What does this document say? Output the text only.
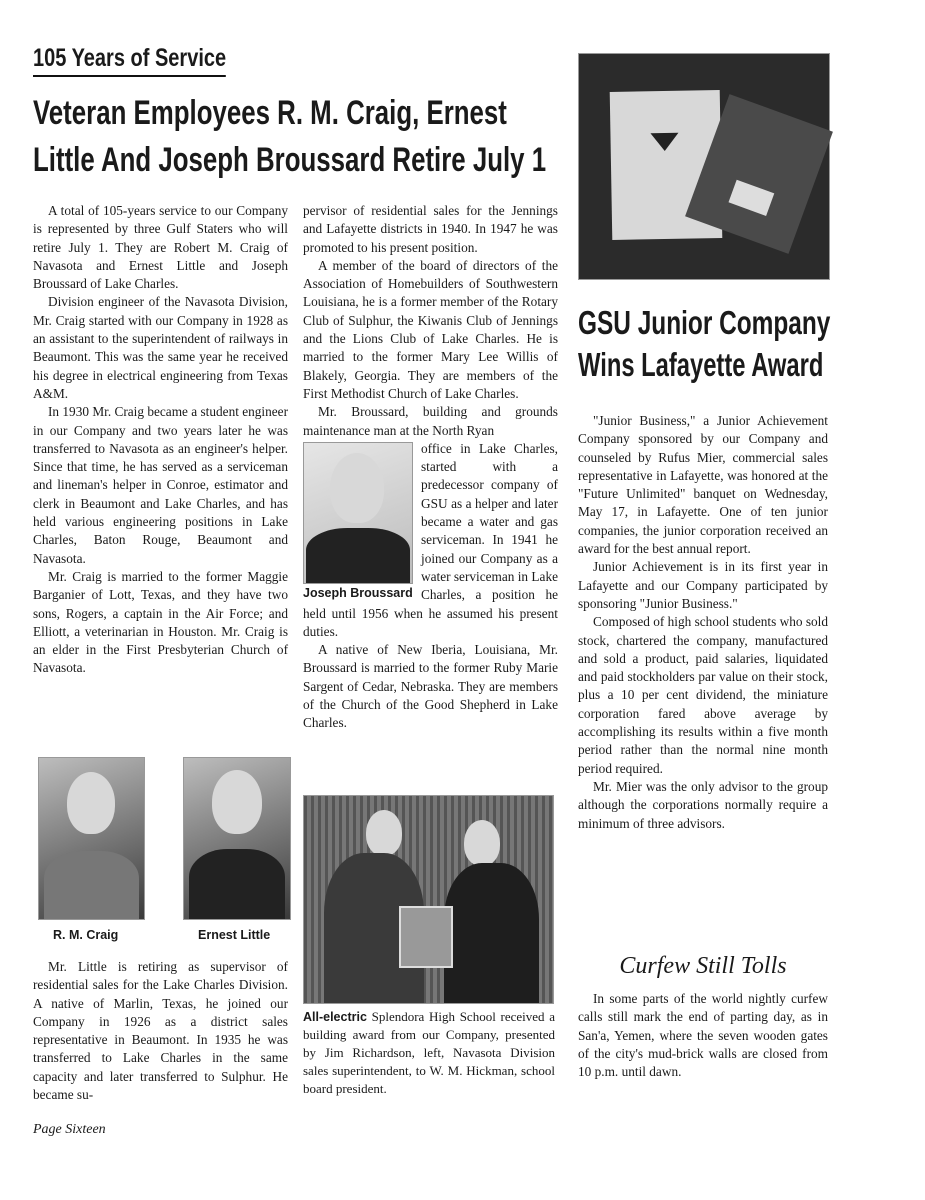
105 Years of Service
Veteran Employees R. M. Craig, Ernest
Little And Joseph Broussard Retire July 1

A total of 105-years service to our Company is represented by three Gulf Staters who will retire July 1. They are Robert M. Craig of Navasota and Ernest Little and Joseph Broussard of Lake Charles.

Division engineer of the Navasota Division, Mr. Craig started with our Company in 1928 as an assistant to the superintendent of railways in Beaumont. This was the same year he received his degree in electrical engineering from Texas A&M.

In 1930 Mr. Craig became a student engineer in our Company and two years later he was transferred to Navasota as an engineer's helper. Since that time, he has served as a serviceman and lineman's helper in Conroe, estimator and clerk in Beaumont and Lake Charles, and has held various engineering positions in Lake Charles, Baton Rouge, Beaumont and Navasota.

Mr. Craig is married to the former Maggie Barganier of Lott, Texas, and they have two sons, Rogers, a captain in the Air Force; and Elliott, a veterinarian in Houston. Mr. Craig is an elder in the First Presbyterian Church of Navasota.

R. M. Craig	Ernest Little

Mr. Little is retiring as supervisor of residential sales for the Lake Charles Division. A native of Marlin, Texas, he joined our Company in 1926 as a district sales representative in Beaumont. In 1935 he was transferred to Lake Charles in the same capacity and later transferred to Sulphur. He became su-

pervisor of residential sales for the Jennings and Lafayette districts in 1940. In 1947 he was promoted to his present position.

A member of the board of directors of the Association of Homebuilders of Southwestern Louisiana, he is a former member of the Rotary Club of Sulphur, the Kiwanis Club of Jennings and the Lions Club of Lake Charles. He is married to the former Mary Lee Willis of Blakely, Georgia. They are members of the First Methodist Church of Lake Charles.

Mr. Broussard, building and grounds maintenance man at the North Ryan

Joseph Broussard

office in Lake Charles, started with a predecessor company of GSU as a helper and later became a water and gas serviceman. In 1941 he joined our Company as a water serviceman in Lake Charles, a position he held until 1956 when he assumed his present duties.

A native of New Iberia, Louisiana, Mr. Broussard is married to the former Ruby Marie Sargent of Cedar, Nebraska. They are members of the Church of the Good Shepherd in Lake Charles.

All-electric Splendora High School received a building award from our Company, presented by Jim Richardson, left, Navasota Division sales superintendent, to W. M. Hickman, school board president.
GSU Junior Company
Wins Lafayette Award

"Junior Business," a Junior Achievement Company sponsored by our Company and counseled by Rufus Mier, commercial sales representative in Lafayette, was honored at the "Future Unlimited" banquet on Wednesday, May 17, in Lafayette. One of ten junior companies, the junior corporation received an award for the best annual report.

Junior Achievement is in its first year in Lafayette and our Company participated by sponsoring "Junior Business."

Composed of high school students who sold stock, chartered the company, manufactured and sold a product, paid salaries, liquidated and paid stockholders par value on their stock, plus a 10 per cent dividend, the miniature corporation fared above average by accomplishing its results within a five month period rather than the normal nine month period required.

Mr. Mier was the only advisor to the group although the corporations normally require a minimum of three advisors.

Curfew Still Tolls

In some parts of the world nightly curfew calls still mark the end of parting day, as in San'a, Yemen, where the seven wooden gates of the city's mud-brick walls are closed from 10 p.m. until dawn.

Page Sixteen
